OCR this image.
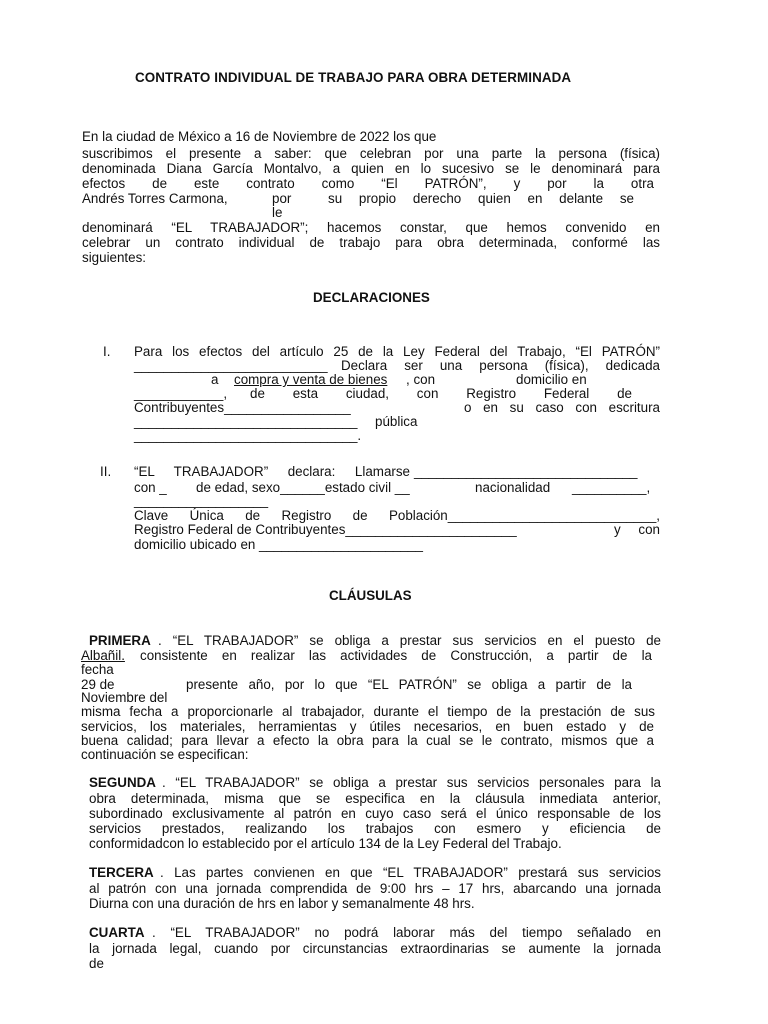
CONTRATO INDIVIDUAL DE TRABAJO PARA OBRA DETERMINADA
En la ciudad de México a 16 de Noviembre de 2022 los que
suscribimos el presente a saber: que celebran por una parte la persona (física)
denominada Diana García Montalvo, a quien en lo sucesivo se le denominará para
efectos de este contrato como “El PATRÓN”, y por la otra
Andrés Torres Carmona,	por	su propio derecho quien en delante se
le
denominará “EL TRABAJADOR”; hacemos constar, que hemos convenido en
celebrar un contrato individual de trabajo para obra determinada, conformé las
siguientes:
DECLARACIONES
I. Para los efectos del artículo 25 de la Ley Federal del Trabajo, “El PATRÓN”
__________________________ Declara ser una persona (física), dedicada
a compra y venta de bienes , con	domicilio en
____________, de esta ciudad, con Registro Federal de
Contribuyentes_________________	o en su caso con escritura
______________________________ pública
______________________________.
II. “EL TRABAJADOR” declara: Llamarse ______________________________
con _ de edad, sexo______estado civil __	nacionalidad __________,
__________________
Clave Única de Registro de Población____________________________,
Registro Federal de Contribuyentes_______________________	y con
domicilio ubicado en ______________________
CLÁUSULAS
PRIMERA . “EL TRABAJADOR” se obliga a prestar sus servicios en el puesto de
Albañil. consistente en realizar las actividades de Construcción, a partir de la
fecha
29 de	presente año, por lo que “EL PATRÓN” se obliga a partir de la
Noviembre del
misma fecha a proporcionarle al trabajador, durante el tiempo de la prestación de sus
servicios, los materiales, herramientas y útiles necesarios, en buen estado y de
buena calidad; para llevar a efecto la obra para la cual se le contrato, mismos que a
continuación se especifican:
SEGUNDA . “EL TRABAJADOR” se obliga a prestar sus servicios personales para la
obra determinada, misma que se especifica en la cláusula inmediata anterior,
subordinado exclusivamente al patrón en cuyo caso será el único responsable de los
servicios prestados, realizando los trabajos con esmero y eficiencia de
conformidadcon lo establecido por el artículo 134 de la Ley Federal del Trabajo.
TERCERA . Las partes convienen en que “EL TRABAJADOR” prestará sus servicios
al patrón con una jornada comprendida de 9:00 hrs – 17 hrs, abarcando una jornada
Diurna con una duración de hrs en labor y semanalmente 48 hrs.
CUARTA . “EL TRABAJADOR” no podrá laborar más del tiempo señalado en
la jornada legal, cuando por circunstancias extraordinarias se aumente la jornada
de
